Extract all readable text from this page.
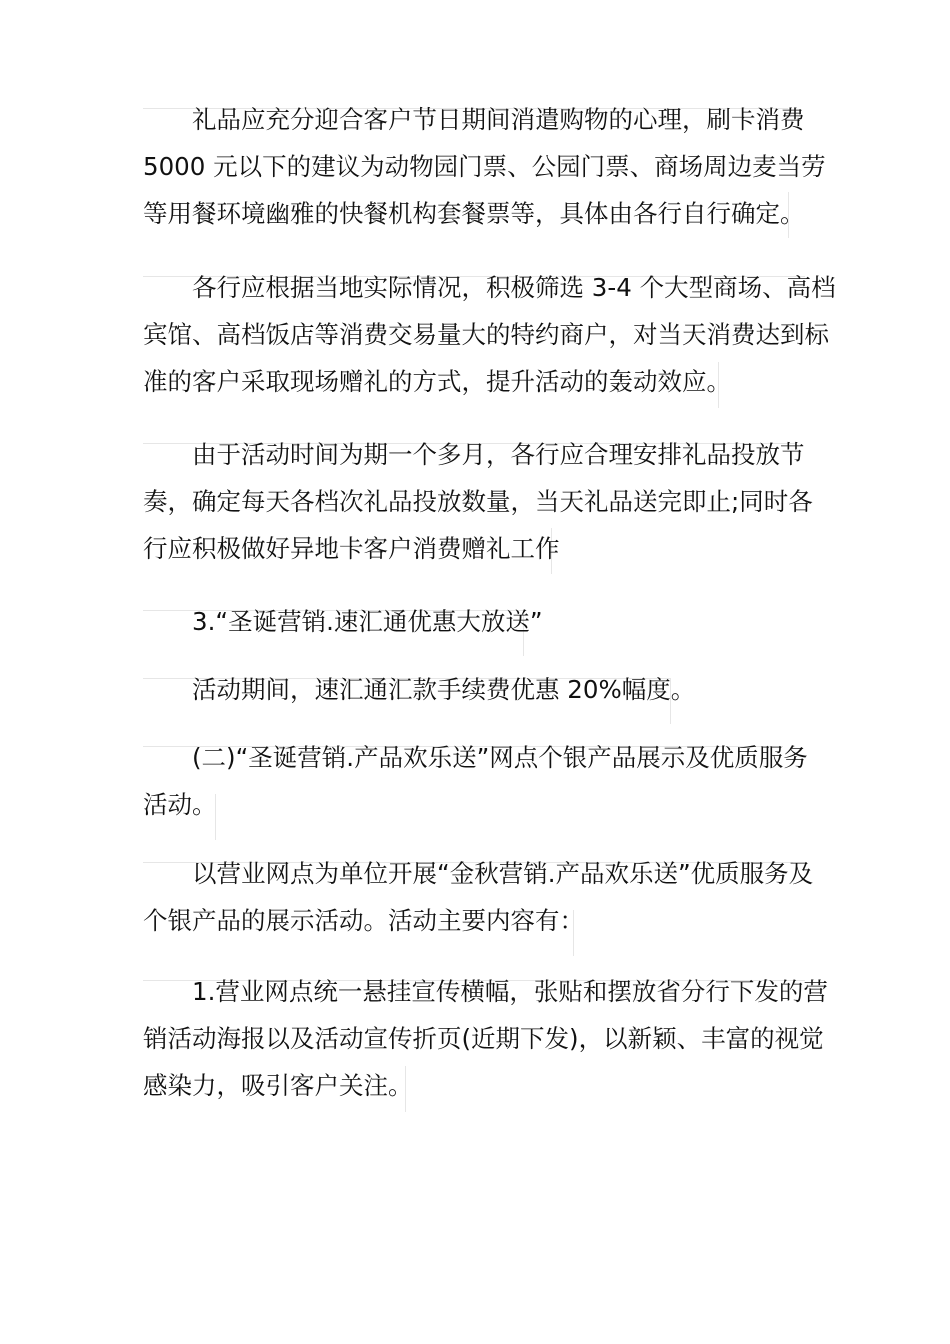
礼品应充分迎合客户节日期间消遣购物的心理，刷卡消费
5000 元以下的建议为动物园门票、公园门票、商场周边麦当劳
等用餐环境幽雅的快餐机构套餐票等，具体由各行自行确定。
各行应根据当地实际情况，积极筛选 3-4 个大型商场、高档
宾馆、高档饭店等消费交易量大的特约商户，对当天消费达到标
准的客户采取现场赠礼的方式，提升活动的轰动效应。
由于活动时间为期一个多月，各行应合理安排礼品投放节
奏，确定每天各档次礼品投放数量，当天礼品送完即止;同时各
行应积极做好异地卡客户消费赠礼工作
3.“圣诞营销.速汇通优惠大放送”
活动期间，速汇通汇款手续费优惠 20%幅度。
(二)“圣诞营销.产品欢乐送”网点个银产品展示及优质服务
活动。
以营业网点为单位开展“金秋营销.产品欢乐送”优质服务及
个银产品的展示活动。活动主要内容有：
1.营业网点统一悬挂宣传横幅，张贴和摆放省分行下发的营
销活动海报以及活动宣传折页(近期下发)，以新颖、丰富的视觉
感染力，吸引客户关注。
